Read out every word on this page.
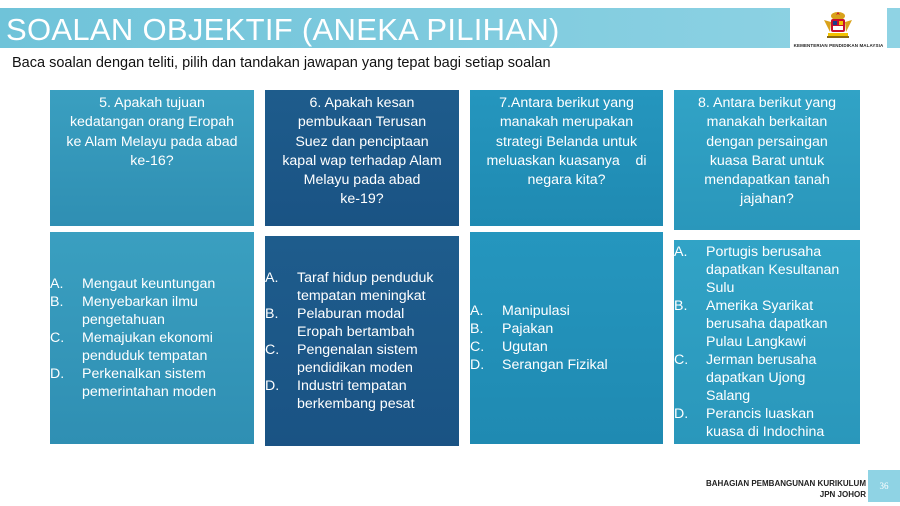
SOALAN OBJEKTIF (ANEKA PILIHAN)	KEMENTERIAN PENDIDIKAN MALAYSIA
Baca soalan dengan teliti, pilih dan tandakan jawapan yang tepat bagi setiap soalan
5. Apakah tujuan
kedatangan orang Eropah
ke Alam Melayu pada abad
ke-16?
A. Mengaut keuntungan
B. Menyebarkan ilmu
pengetahuan
C. Memajukan ekonomi
penduduk tempatan
D. Perkenalkan sistem
pemerintahan moden
6. Apakah kesan
pembukaan Terusan
Suez dan penciptaan
kapal wap terhadap Alam
Melayu pada abad
ke-19?
A. Taraf hidup penduduk
tempatan meningkat
B. Pelaburan modal
Eropah bertambah
C. Pengenalan sistem
pendidikan moden
D. Industri tempatan
berkembang pesat
7.Antara berikut yang
manakah merupakan
strategi Belanda untuk
meluaskan kuasanya    di
negara kita?
A. Manipulasi
B. Pajakan
C. Ugutan
D. Serangan Fizikal
8. Antara berikut yang
manakah berkaitan
dengan persaingan
kuasa Barat untuk
mendapatkan tanah
jajahan?
A. Portugis berusaha
dapatkan Kesultanan
Sulu
B. Amerika Syarikat
berusaha dapatkan
Pulau Langkawi
C. Jerman berusaha
dapatkan Ujong
Salang
D. Perancis luaskan
kuasa di Indochina
BAHAGIAN PEMBANGUNAN KURIKULUM
JPN JOHOR
36
